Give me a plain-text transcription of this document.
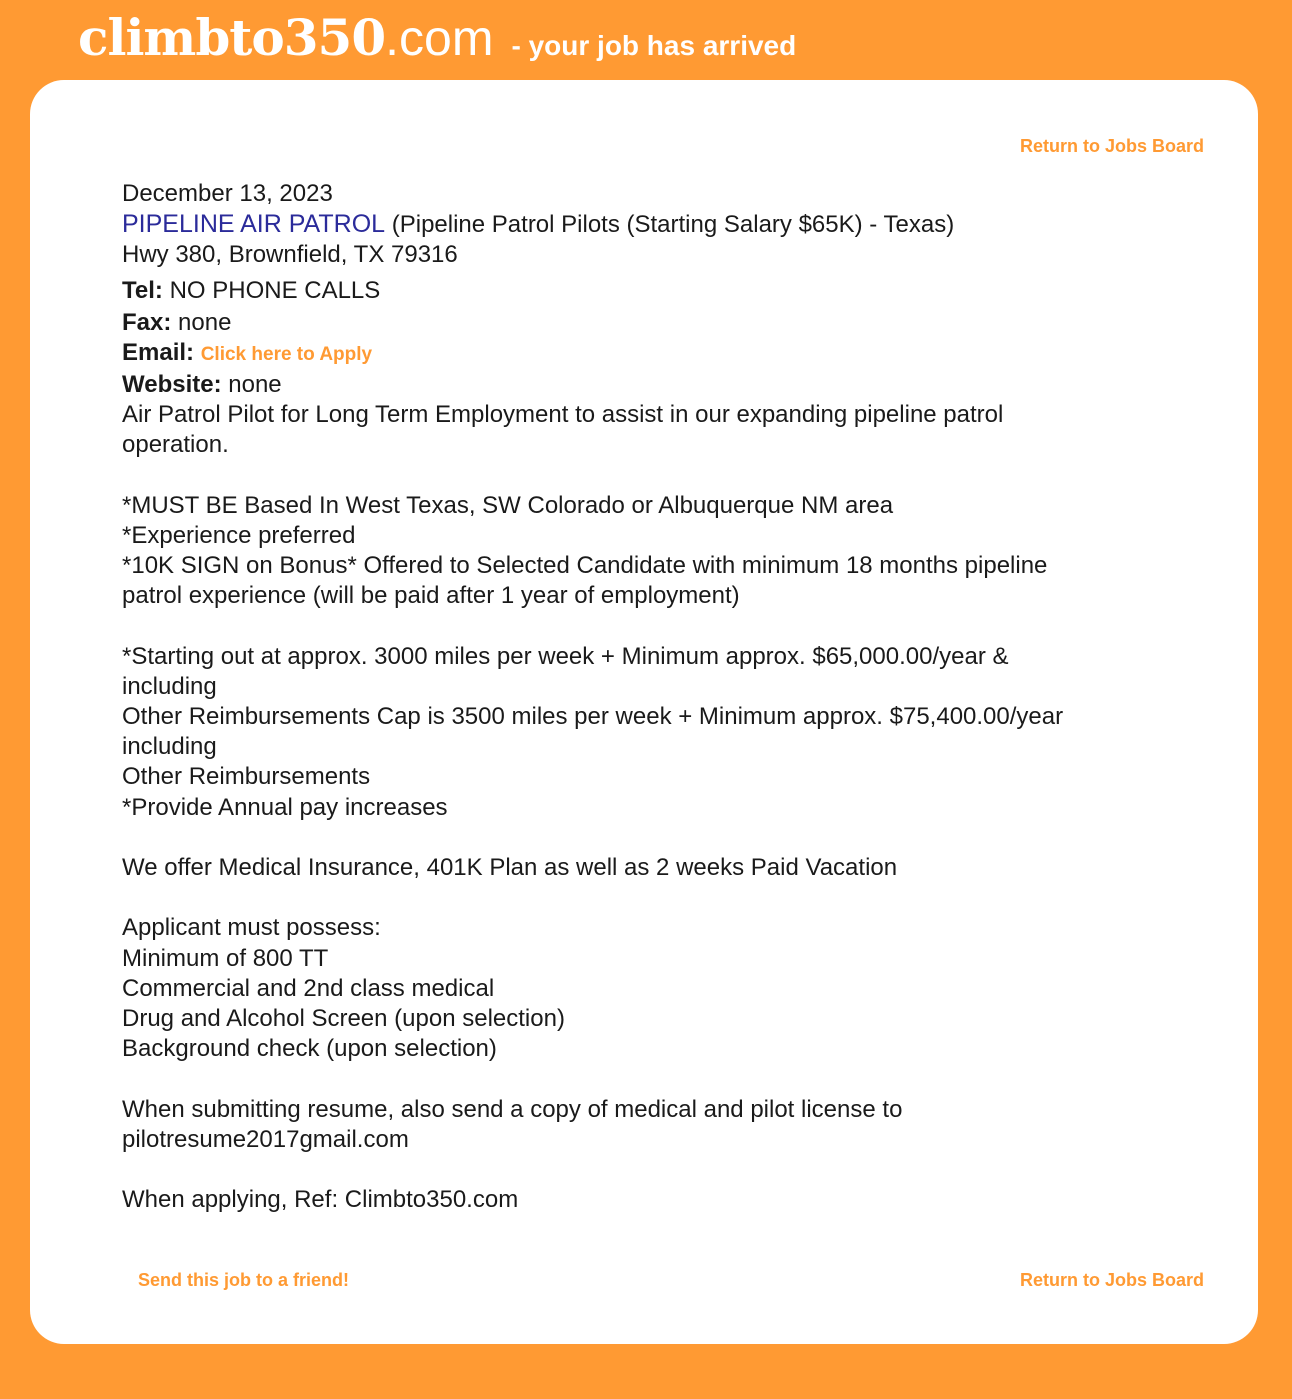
climbto350 .com - your job has arrived
Return to Jobs Board
December 13, 2023
PIPELINE AIR PATROL (Pipeline Patrol Pilots (Starting Salary $65K) - Texas)
Hwy 380, Brownfield, TX 79316
Tel: NO PHONE CALLS
Fax: none
Email: Click here to Apply
Website: none

Air Patrol Pilot for Long Term Employment to assist in our expanding pipeline patrol
operation.

*MUST BE Based In West Texas, SW Colorado or Albuquerque NM area
*Experience preferred
*10K SIGN on Bonus* Offered to Selected Candidate with minimum 18 months pipeline
patrol experience (will be paid after 1 year of employment)

*Starting out at approx. 3000 miles per week + Minimum approx. $65,000.00/year &
including
Other Reimbursements Cap is 3500 miles per week + Minimum approx. $75,400.00/year
including
Other Reimbursements
*Provide Annual pay increases

We offer Medical Insurance, 401K Plan as well as 2 weeks Paid Vacation

Applicant must possess:
Minimum of 800 TT
Commercial and 2nd class medical
Drug and Alcohol Screen (upon selection)
Background check (upon selection)

When submitting resume, also send a copy of medical and pilot license to
pilotresume2017gmail.com

When applying, Ref: Climbto350.com

Send this job to a friend!	Return to Jobs Board
